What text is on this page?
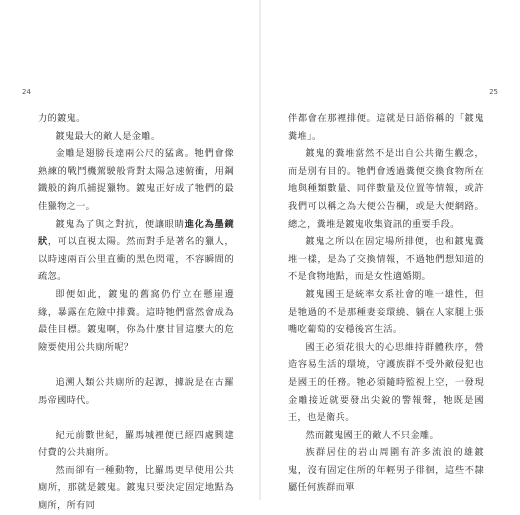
24

力的鍍鬼。

鍍鬼最大的敵人是金雕。

金雕是翅膀長達兩公尺的猛禽。牠們會像熟練的戰鬥機駕駛般背對太陽急速俯衝，用鋼鐵般的鉤爪捕捉獵物。鍍鬼正好成了牠們的最佳獵物之一。

鍍鬼為了與之對抗，便讓眼睛進化為墨鏡狀，可以直視太陽。然而對手是著名的獵人，以時速兩百公里直衝的黑色閃電，不容瞬間的疏忽。

即便如此，鍍鬼的舊窩仍佇立在懸崖邊緣，暴露在危險中排糞。這時牠們當然會成為最佳目標。鍍鬼啊，你為什麼甘冒這麼大的危險要使用公共廁所呢？

追溯人類公共廁所的起源，據說是在古羅馬帝國時代。

紀元前數世紀，羅馬城裡便已經四處興建付費的公共廁所。

然而卻有一種動物，比羅馬更早使用公共廁所，那就是鍍鬼。鍍鬼只要決定固定地點為廁所，所有同

25

伴都會在那裡排便。這就是日語俗稱的「鍍鬼糞堆」。

鍍鬼的糞堆當然不是出自公共衛生觀念，而是別有目的。牠們會透過糞便交換食物所在地與種類數量、同伴數量及位置等情報，或許我們可以稱之為大便公告欄，或是大便網路。總之，糞堆是鍍鬼收集資訊的重要手段。

鍍鬼之所以在固定場所排便，也和鍍鬼糞堆一樣，是為了交換情報，不過牠們想知道的不是食物地點，而是女性適婚期。

鍍鬼國王是統率女系社會的唯一雄性，但是牠過的不是那種妻妾環繞、躺在人家腿上張嘴吃葡萄的安穩後宮生活。

國王必須花很大的心思維持群體秩序，營造容易生活的環境，守護族群不受外敵侵犯也是國王的任務。牠必須隨時監視上空，一發現金雕接近就要發出尖銳的警報聲，牠既是國王，也是衛兵。

然而鍍鬼國王的敵人不只金雕。

族群居住的岩山周圍有許多流浪的雄鍍鬼，沒有固定住所的年輕男子徘徊，這些不隸屬任何族群而單
